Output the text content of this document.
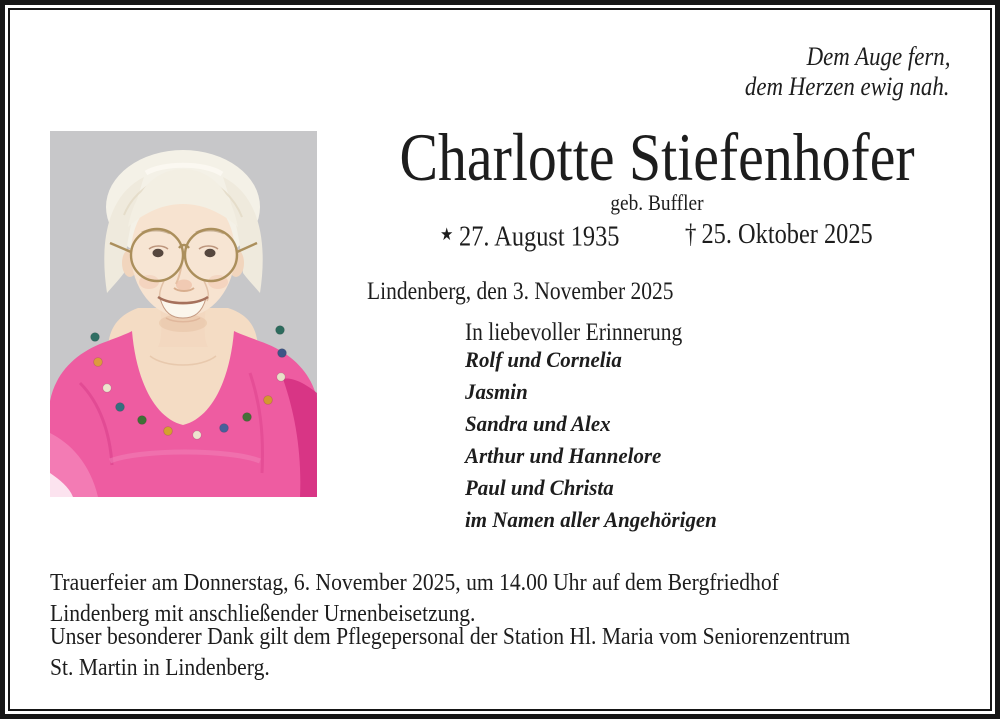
Dem Auge fern,
dem Herzen ewig nah.
Charlotte Stiefenhofer
geb. Buffler
★ 27. August 1935 † 25. Oktober 2025
Lindenberg, den 3. November 2025
In liebevoller Erinnerung
Rolf und Cornelia
Jasmin
Sandra und Alex
Arthur und Hannelore
Paul und Christa
im Namen aller Angehörigen
Trauerfeier am Donnerstag, 6. November 2025, um 14.00 Uhr auf dem Bergfriedhof
Lindenberg mit anschließender Urnenbeisetzung.
Unser besonderer Dank gilt dem Pflegepersonal der Station Hl. Maria vom Seniorenzentrum
St. Martin in Lindenberg.
